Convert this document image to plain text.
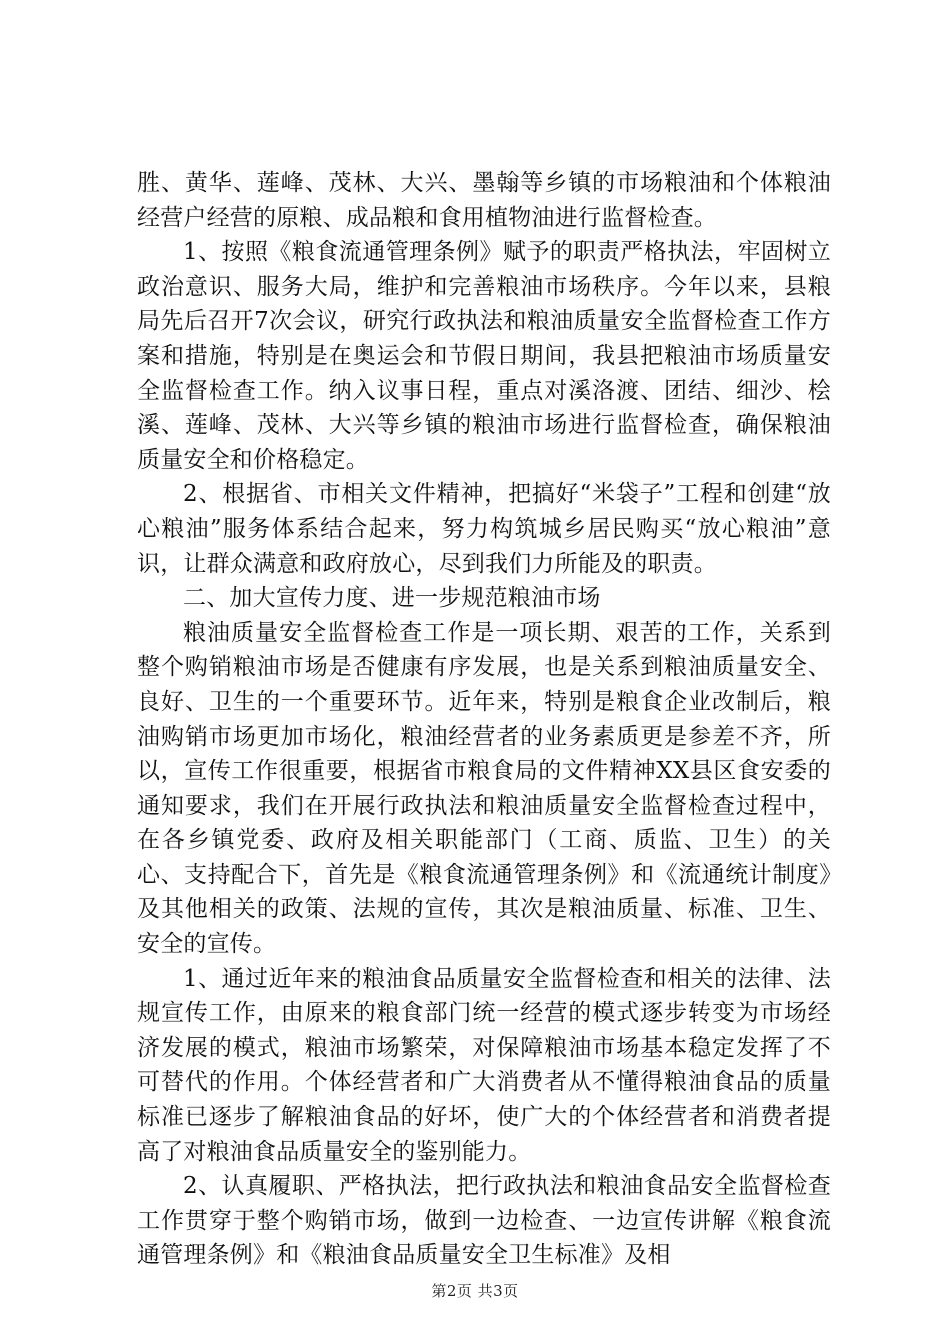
胜、黄华、莲峰、茂林、大兴、墨翰等乡镇的市场粮油和个体粮油经营户经营的原粮、成品粮和食用植物油进行监督检查。

1、按照《粮食流通管理条例》赋予的职责严格执法，牢固树立政治意识、服务大局，维护和完善粮油市场秩序。今年以来，县粮局先后召开7次会议，研究行政执法和粮油质量安全监督检查工作方案和措施，特别是在奥运会和节假日期间，我县把粮油市场质量安全监督检查工作。纳入议事日程，重点对溪洛渡、团结、细沙、桧溪、莲峰、茂林、大兴等乡镇的粮油市场进行监督检查，确保粮油质量安全和价格稳定。

2、根据省、市相关文件精神，把搞好“米袋子”工程和创建“放心粮油”服务体系结合起来，努力构筑城乡居民购买“放心粮油”意识，让群众满意和政府放心，尽到我们力所能及的职责。

二、加大宣传力度、进一步规范粮油市场

粮油质量安全监督检查工作是一项长期、艰苦的工作，关系到整个购销粮油市场是否健康有序发展，也是关系到粮油质量安全、良好、卫生的一个重要环节。近年来，特别是粮食企业改制后，粮油购销市场更加市场化，粮油经营者的业务素质更是参差不齐，所以，宣传工作很重要，根据省市粮食局的文件精神XX县区食安委的通知要求，我们在开展行政执法和粮油质量安全监督检查过程中，在各乡镇党委、政府及相关职能部门（工商、质监、卫生）的关心、支持配合下，首先是《粮食流通管理条例》和《流通统计制度》及其他相关的政策、法规的宣传，其次是粮油质量、标准、卫生、安全的宣传。

1、通过近年来的粮油食品质量安全监督检查和相关的法律、法规宣传工作，由原来的粮食部门统一经营的模式逐步转变为市场经济发展的模式，粮油市场繁荣，对保障粮油市场基本稳定发挥了不可替代的作用。个体经营者和广大消费者从不懂得粮油食品的质量标准已逐步了解粮油食品的好坏，使广大的个体经营者和消费者提高了对粮油食品质量安全的鉴别能力。

2、认真履职、严格执法，把行政执法和粮油食品安全监督检查工作贯穿于整个购销市场，做到一边检查、一边宣传讲解《粮食流通管理条例》和《粮油食品质量安全卫生标准》及相

第2页 共3页
